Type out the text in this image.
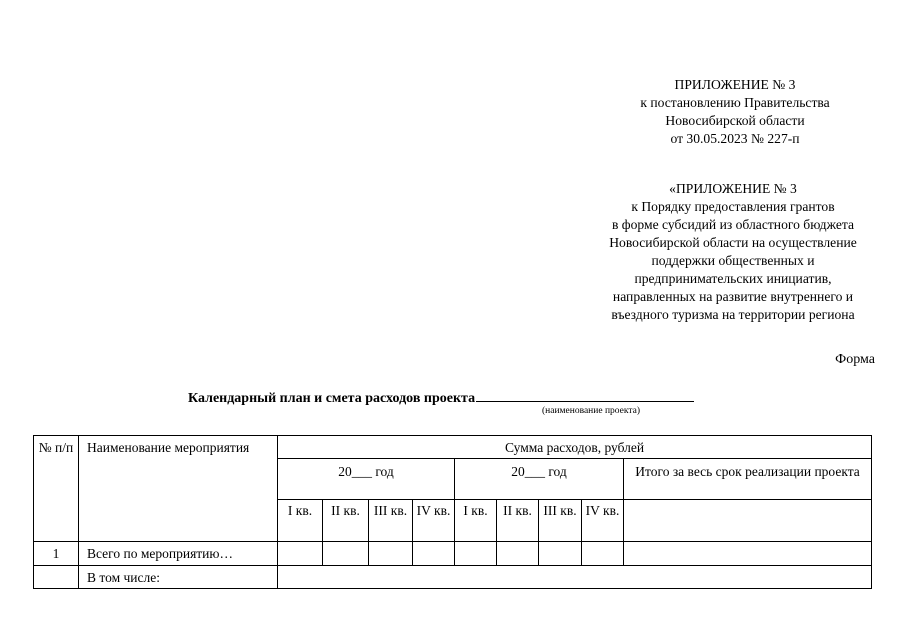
ПРИЛОЖЕНИЕ № 3
к постановлению Правительства
Новосибирской области
от 30.05.2023 № 227-п
«ПРИЛОЖЕНИЕ № 3
к Порядку предоставления грантов
в форме субсидий из областного бюджета
Новосибирской области на осуществление
поддержки общественных и
предпринимательских инициатив,
направленных на развитие внутреннего и
въездного туризма на территории региона
Форма
Календарный план и смета расходов проекта
(наименование проекта)
№ п/п	Наименование мероприятия	Сумма расходов, рублей								
		20___ год				20___ год				Итого за весь срок реализации проекта
		I кв.	II кв.	III кв.	IV кв.	I кв.	II кв.	III кв.	IV кв.	
1	Всего по мероприятию…									
	В том числе:									
